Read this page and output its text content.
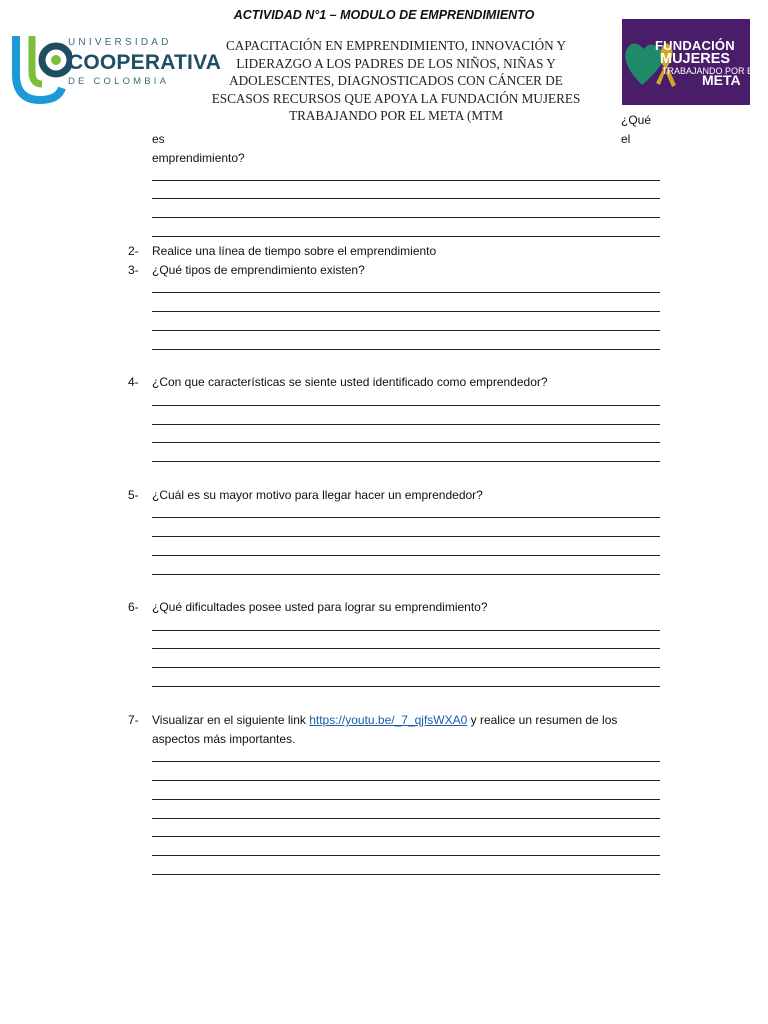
ACTIVIDAD N°1 – MODULO DE EMPRENDIMIENTO
UNIVERSIDAD
COOPERATIVA
DE COLOMBIA
CAPACITACIÓN EN EMPRENDIMIENTO, INNOVACIÓN Y
LIDERAZGO A LOS PADRES DE LOS NIÑOS, NIÑAS Y
ADOLESCENTES, DIAGNOSTICADOS CON CÁNCER DE
ESCASOS RECURSOS QUE APOYA LA FUNDACIÓN MUJERES
TRABAJANDO POR EL META (MTM
FUNDACIÓN
MUJERES
TRABAJANDO POR EL
META
¿Qué
el
es
emprendimiento?
2- Realice una línea de tiempo sobre el emprendimiento
3- ¿Qué tipos de emprendimiento existen?
4- ¿Con que características se siente usted identificado como emprendedor?
5- ¿Cuál es su mayor motivo para llegar hacer un emprendedor?
6- ¿Qué dificultades posee usted para lograr su emprendimiento?
7- Visualizar en el siguiente link https://youtu.be/_7_qjfsWXA0 y realice un resumen de los
aspectos más importantes.
